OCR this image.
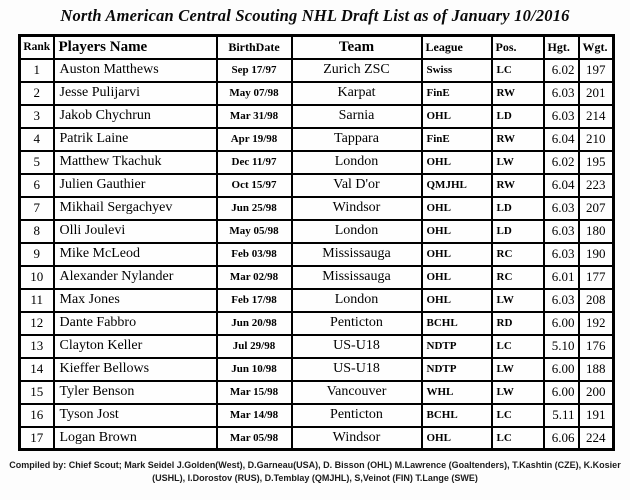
North American Central Scouting NHL Draft List as of January 10/2016
Rank	Players Name	BirthDate	Team	League	Pos.	Hgt.	Wgt.
1	Auston Matthews	Sep 17/97	Zurich ZSC	Swiss	LC	6.02	197
2	Jesse Pulijarvi	May 07/98	Karpat	FinE	RW	6.03	201
3	Jakob Chychrun	Mar 31/98	Sarnia	OHL	LD	6.03	214
4	Patrik Laine	Apr 19/98	Tappara	FinE	RW	6.04	210
5	Matthew Tkachuk	Dec 11/97	London	OHL	LW	6.02	195
6	Julien Gauthier	Oct 15/97	Val D'or	QMJHL	RW	6.04	223
7	Mikhail Sergachyev	Jun 25/98	Windsor	OHL	LD	6.03	207
8	Olli Joulevi	May 05/98	London	OHL	LD	6.03	180
9	Mike McLeod	Feb 03/98	Mississauga	OHL	RC	6.03	190
10	Alexander Nylander	Mar 02/98	Mississauga	OHL	RC	6.01	177
11	Max Jones	Feb 17/98	London	OHL	LW	6.03	208
12	Dante Fabbro	Jun 20/98	Penticton	BCHL	RD	6.00	192
13	Clayton Keller	Jul 29/98	US-U18	NDTP	LC	5.10	176
14	Kieffer Bellows	Jun 10/98	US-U18	NDTP	LW	6.00	188
15	Tyler Benson	Mar 15/98	Vancouver	WHL	LW	6.00	200
16	Tyson Jost	Mar 14/98	Penticton	BCHL	LC	5.11	191
17	Logan Brown	Mar 05/98	Windsor	OHL	LC	6.06	224
Compiled by: Chief Scout; Mark Seidel J.Golden(West), D.Garneau(USA), D. Bisson (OHL) M.Lawrence (Goaltenders), T.Kashtin (CZE), K.Kosier
(USHL), I.Dorostov (RUS), D.Temblay (QMJHL), S,Veinot (FIN) T.Lange (SWE)
